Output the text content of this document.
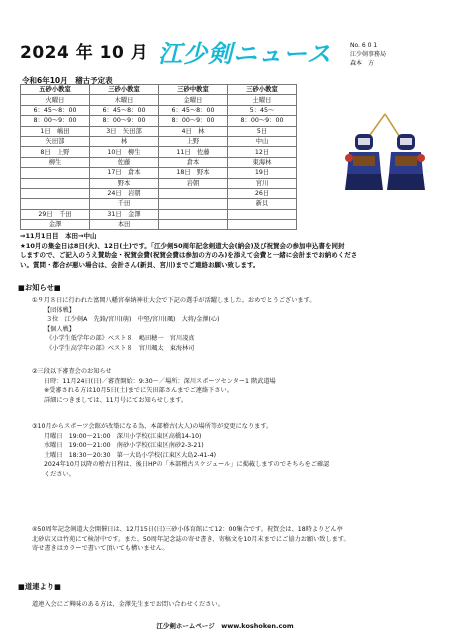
2024 年 10 月 江少剣ニュース	No. 6 0 1
江少剣事務局
森本　方
令和6年10月　稽古予定表
五砂小教室	三砂小教室	三砂中教室	三砂小教室
火曜日	木曜日	金曜日	土曜日
6：45～8：00	6：45～8：00	6：45～8：00	5：45～
8：00～9：00	8：00～9：00	8：00～9：00	8：00～9：00
1日　嶋田	3日　矢田部	4日　林	5日
矢田部	林	上野	中山
8日　上野	10日　柳生	11日　佐藤	12日
柳生	佐藤	倉本	東海林
	17日　倉本	18日　野本	19日
	野本	岩朝	宮川
	24日　岩朝		26日
	千田		新貝
29日　千田	31日　金澤		
金澤	本田		
⇒11月1日目　本田→中山
★10月の集金日は8日(火)、12日(土)です。「江少剣50周年記念剣道大会(納会)及び祝賀会の参加申込書を同封
しますので、ご記入のうえ賛助金・祝賀会費(祝賀会費は参加の方のみ)を添えて会費と一緒に会計までお納めくださ
い。質問・都合が悪い場合は、会計さん(新貝、宮川)までご連絡お願い致します。
■お知らせ■
①９月８日に行われた富岡八幡宮奉納神社大会で下記の選手が活躍しました。おめでとうございます。
【団体戦】
３位　江少剣A　先鋒/宮川(萌)　中堅/宮川(颯)　大将/金澤(心)
【個人戦】
《小学生低学年の部》ベスト８　嶋田穂一　宮川凌真
《小学生高学年の部》ベスト８　宮川颯太　東海林司
②三段以下審査会のお知らせ
日時：11月24日(日)／審査開始：9:30～／場所：深川スポーツセンター1 階武道場
※受審される方は10月5日(土)までに矢田部さんまでご連絡下さい。
詳細につきましては、11月号にてお知らせします。
③10月からスポーツ会館が改築になる為、本部稽古(大人)の場所等が変更になります。
月曜日　19:00～21:00　深川小学校(江東区高橋14-10)
水曜日　19:00～21:00　南砂小学校(江東区南砂2-3-21)
土曜日　18:30～20:30　第一大島小学校(江東区大島2-41-4)
2024年10月以降の稽古日程は、後日HPの「本部稽古スケジュール」に掲載しますのでそちらをご確認
ください。
④50周年記念剣道大会開催日は、12月15日(日)三砂小体育館にて12：00集合です。祝賀会は、18時よりどん亭
北砂店又は竹苑にて検討中です。また、50周年記念誌の寄せ書き、寄稿文を10月末までにご協力お願い致します。
寄せ書きはカラーで書いて頂いても構いません。
■道連より■
道連入会にご興味のある方は、金澤先生までお問い合わせください。
江少剣ホームページ　www.koshoken.com
